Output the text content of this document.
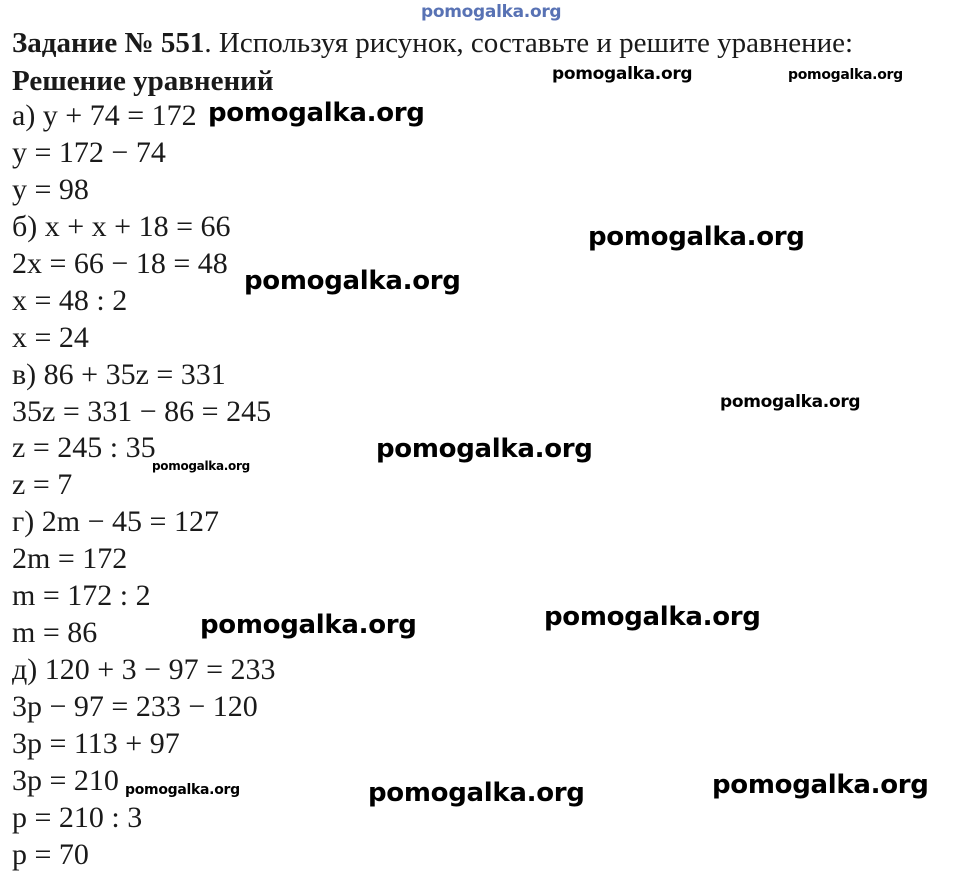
pomogalka.org
Задание № 551. Используя рисунок, составьте и решите уравнение:
Решение уравнений
а) y + 74 = 172
y = 172 − 74
y = 98
б) x + x + 18 = 66
2x = 66 − 18 = 48
x = 48 : 2
x = 24
в) 86 + 35z = 331
35z = 331 − 86 = 245
z = 245 : 35
z = 7
г) 2m − 45 = 127
2m = 172
m = 172 : 2
m = 86
д) 120 + 3 − 97 = 233
3p − 97 = 233 − 120
3p = 113 + 97
3p = 210
p = 210 : 3
p = 70
pomogalka.org	pomogalka.org
pomogalka.org
pomogalka.org
pomogalka.org
pomogalka.org
pomogalka.org
pomogalka.org
pomogalka.org
pomogalka.org
pomogalka.org
pomogalka.org	pomogalka.org
